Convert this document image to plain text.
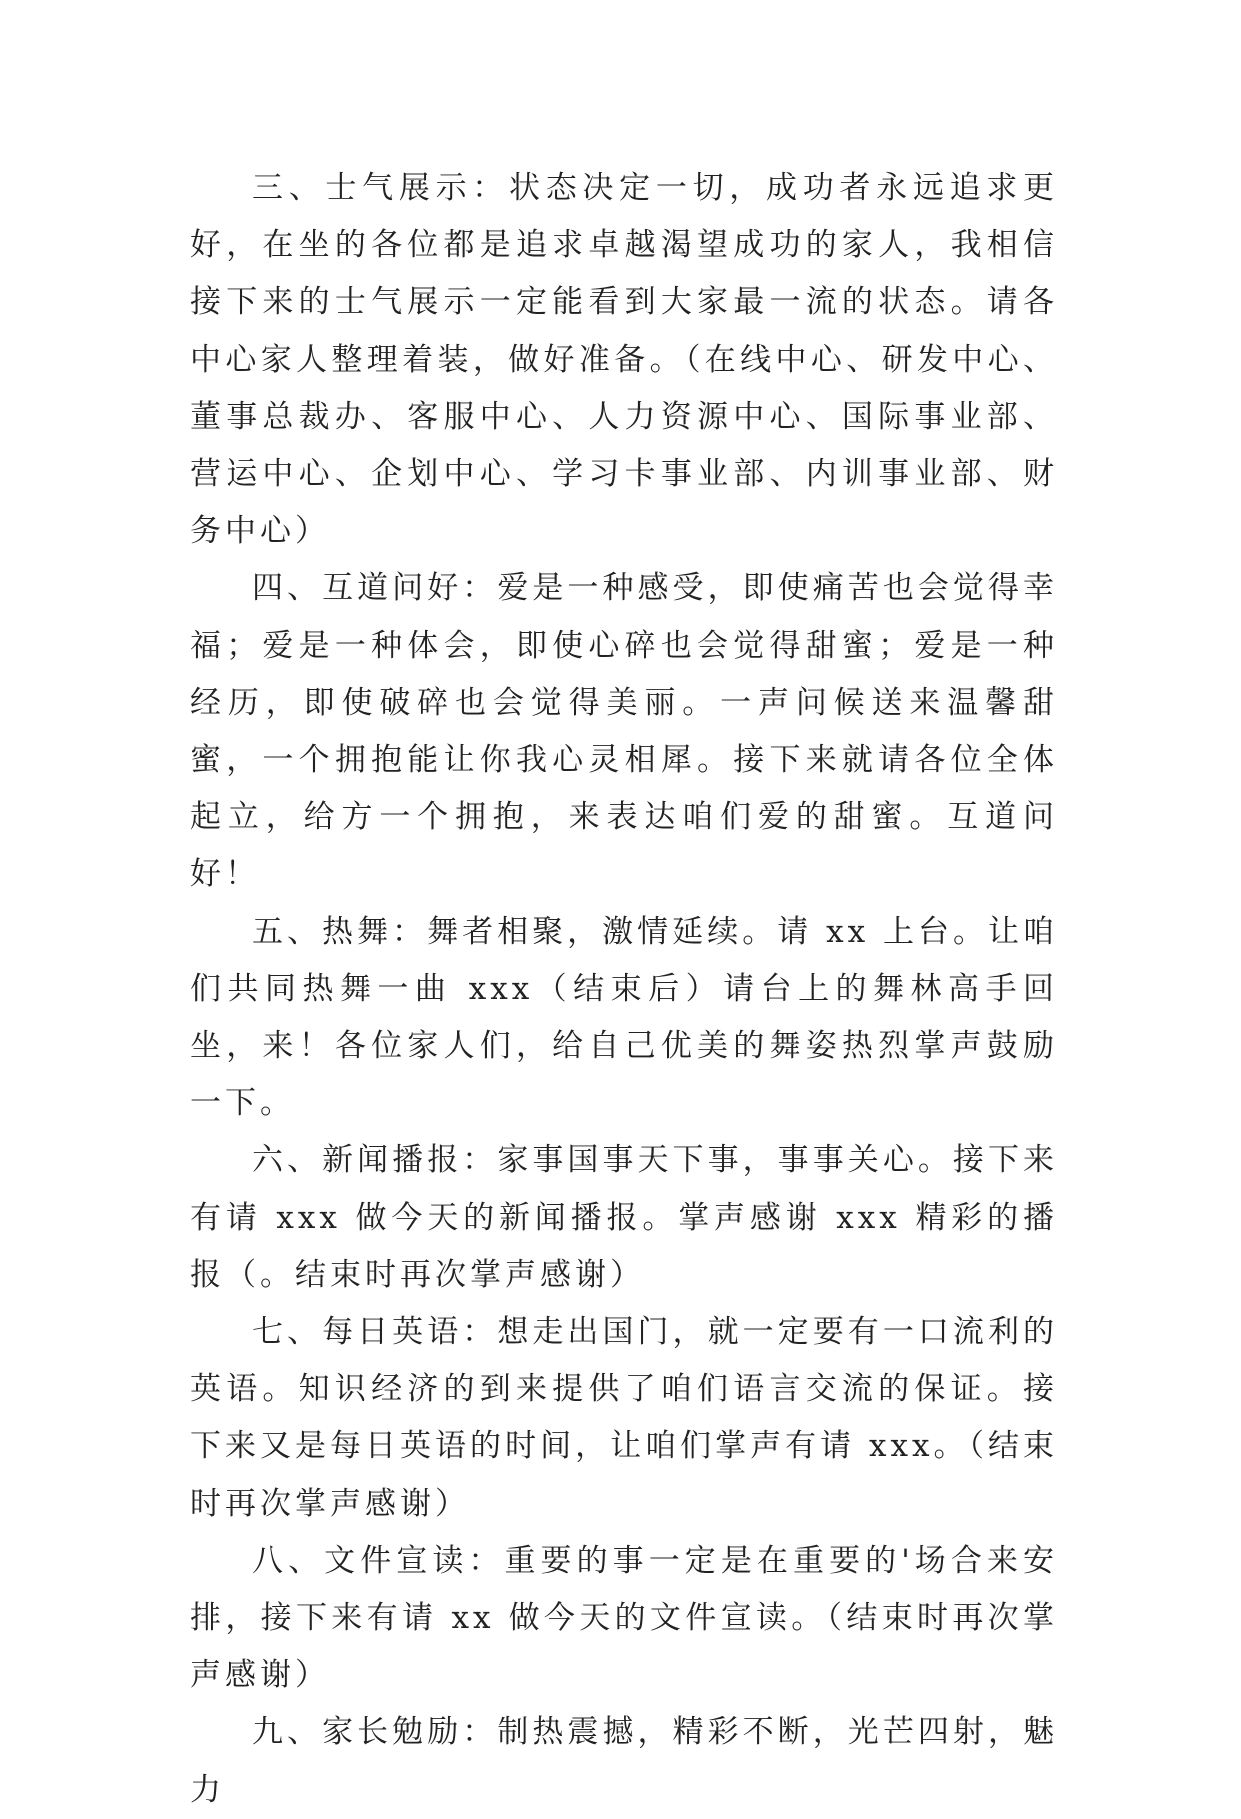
三、士气展示：状态决定一切，成功者永远追求更好，在坐的各位都是追求卓越渴望成功的家人，我相信接下来的士气展示一定能看到大家最一流的状态。请各中心家人整理着装，做好准备。（在线中心、研发中心、董事总裁办、客服中心、人力资源中心、国际事业部、营运中心、企划中心、学习卡事业部、内训事业部、财务中心）

四、互道问好：爱是一种感受，即使痛苦也会觉得幸福；爱是一种体会，即使心碎也会觉得甜蜜；爱是一种经历，即使破碎也会觉得美丽。一声问候送来温馨甜蜜，一个拥抱能让你我心灵相犀。接下来就请各位全体起立，给方一个拥抱，来表达咱们爱的甜蜜。互道问好！

五、热舞：舞者相聚，激情延续。请 xx 上台。让咱们共同热舞一曲 xxx（结束后）请台上的舞林高手回坐，来！各位家人们，给自己优美的舞姿热烈掌声鼓励一下。

六、新闻播报：家事国事天下事，事事关心。接下来有请 xxx 做今天的新闻播报。掌声感谢 xxx 精彩的播报（。结束时再次掌声感谢）

七、每日英语：想走出国门，就一定要有一口流利的英语。知识经济的到来提供了咱们语言交流的保证。接下来又是每日英语的时间，让咱们掌声有请 xxx。（结束时再次掌声感谢）

八、文件宣读：重要的事一定是在重要的'场合来安排，接下来有请 xx 做今天的文件宣读。（结束时再次掌声感谢）

九、家长勉励：制热震撼，精彩不断，光芒四射，魅力
